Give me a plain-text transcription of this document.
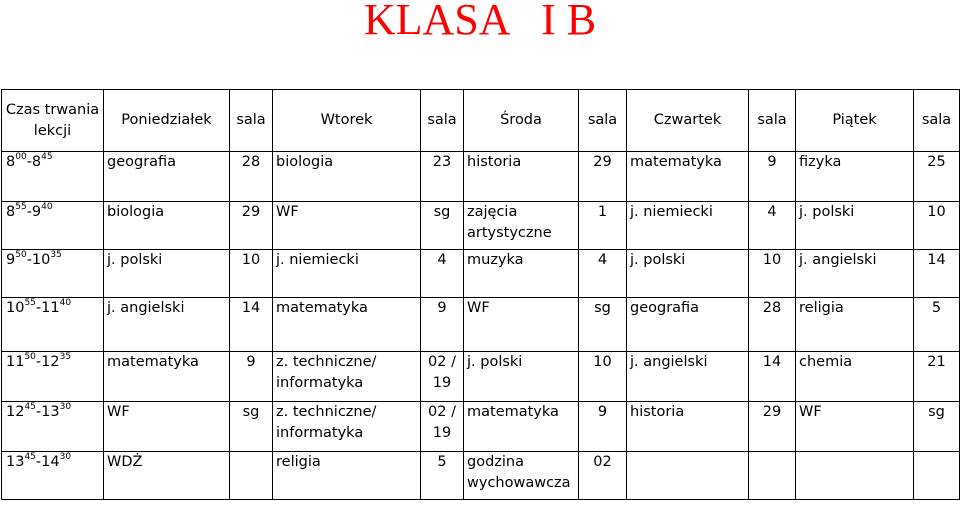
KLASA   I B
Czas trwania lekcji	Poniedziałek	sala	Wtorek	sala	Środa	sala	Czwartek	sala	Piątek	sala
$8^{00}-8^{45}$	geografia	28	biologia	23	historia	29	matematyka	9	fizyka	25
$8^{55}-9^{40}$	biologia	29	WF	sg	zajęcia artystyczne	1	j. niemiecki	4	j. polski	10
$9^{50}-10^{35}$	j. polski	10	j. niemiecki	4	muzyka	4	j. polski	10	j. angielski	14
$10^{55}-11^{40}$	j. angielski	14	matematyka	9	WF	sg	geografia	28	religia	5
$11^{50}-12^{35}$	matematyka	9	z. techniczne/ informatyka	02 / 19	j. polski	10	j. angielski	14	chemia	21
$12^{45}-13^{30}$	WF	sg	z. techniczne/ informatyka	02 / 19	matematyka	9	historia	29	WF	sg
$13^{45}-14^{30}$	WDŻ		religia	5	godzina wychowawcza	02				
